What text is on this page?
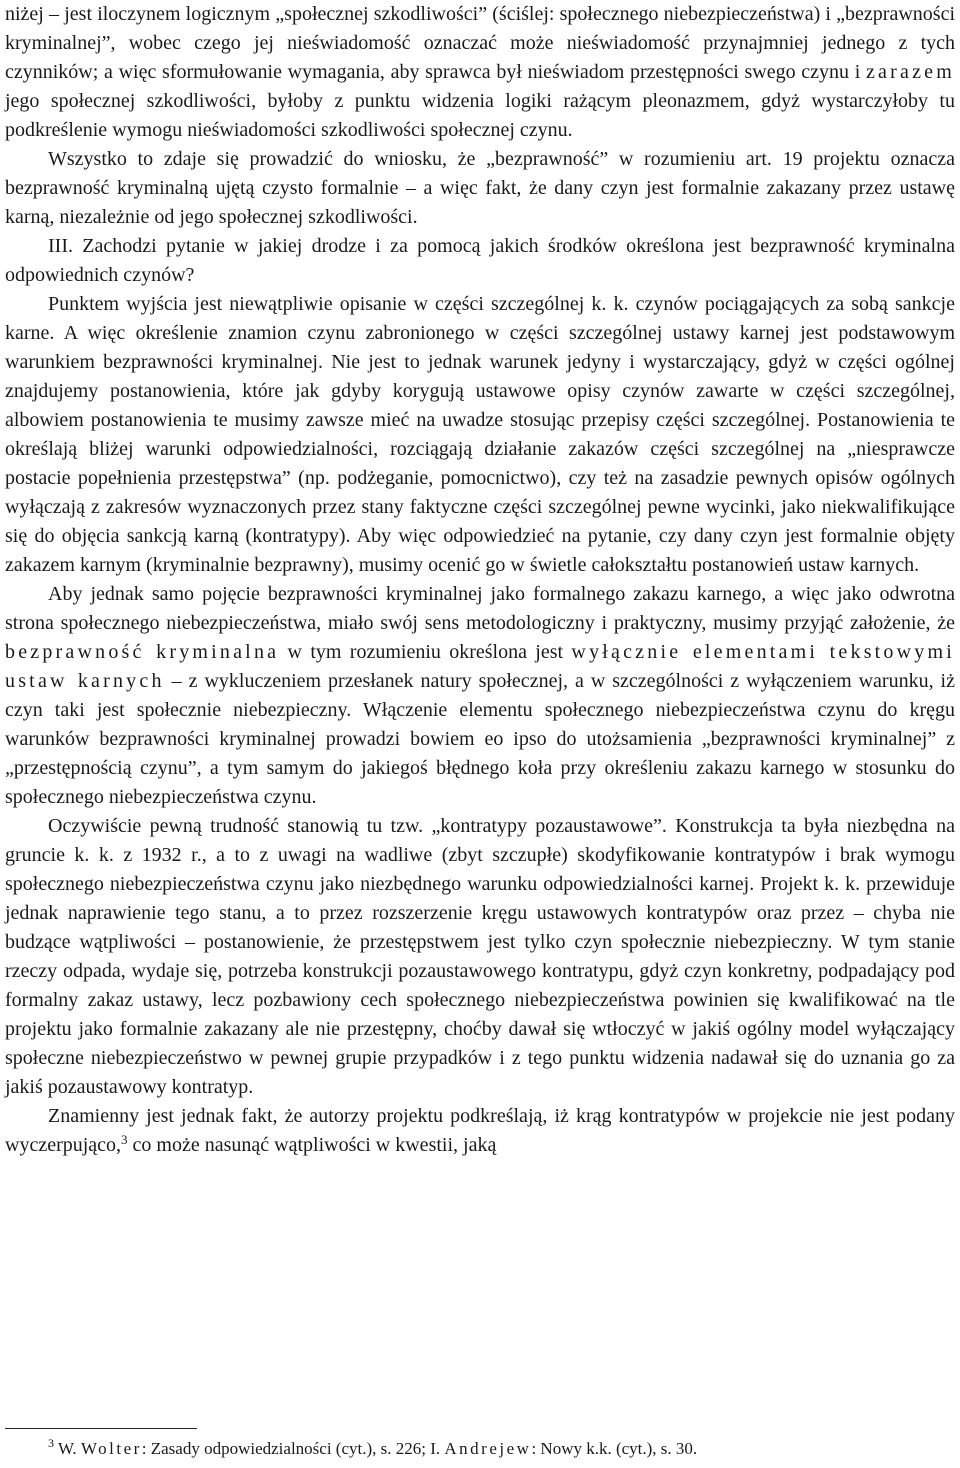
niżej – jest iloczynem logicznym „społecznej szkodliwości” (ściślej: społecznego niebezpieczeństwa) i „bezprawności kryminalnej”, wobec czego jej nieświadomość oznaczać może nieświadomość przynajmniej jednego z tych czynników; a więc sformułowanie wymagania, aby sprawca był nieświadom przestępności swego czynu i zarazem jego społecznej szkodliwości, byłoby z punktu widzenia logiki rażącym pleonazmem, gdyż wystarczyłoby tu podkreślenie wymogu nieświadomości szkodliwości społecznej czynu.

Wszystko to zdaje się prowadzić do wniosku, że „bezprawność” w rozumieniu art. 19 projektu oznacza bezprawność kryminalną ujętą czysto formalnie – a więc fakt, że dany czyn jest formalnie zakazany przez ustawę karną, niezależnie od jego społecznej szkodliwości.

III. Zachodzi pytanie w jakiej drodze i za pomocą jakich środków określona jest bezprawność kryminalna odpowiednich czynów?

Punktem wyjścia jest niewątpliwie opisanie w części szczególnej k. k. czynów pociągających za sobą sankcje karne. A więc określenie znamion czynu zabronionego w części szczególnej ustawy karnej jest podstawowym warunkiem bezprawności kryminalnej. Nie jest to jednak warunek jedyny i wystarczający, gdyż w części ogólnej znajdujemy postanowienia, które jak gdyby korygują ustawowe opisy czynów zawarte w części szczególnej, albowiem postanowienia te musimy zawsze mieć na uwadze stosując przepisy części szczególnej. Postanowienia te określają bliżej warunki odpowiedzialności, rozciągają działanie zakazów części szczególnej na „niesprawcze postacie popełnienia przestępstwa” (np. podżeganie, pomocnictwo), czy też na zasadzie pewnych opisów ogólnych wyłączają z zakresów wyznaczonych przez stany faktyczne części szczególnej pewne wycinki, jako niekwalifikujące się do objęcia sankcją karną (kontratypy). Aby więc odpowiedzieć na pytanie, czy dany czyn jest formalnie objęty zakazem karnym (kryminalnie bezprawny), musimy ocenić go w świetle całokształtu postanowień ustaw karnych.

Aby jednak samo pojęcie bezprawności kryminalnej jako formalnego zakazu karnego, a więc jako odwrotna strona społecznego niebezpieczeństwa, miało swój sens metodologiczny i praktyczny, musimy przyjąć założenie, że bezprawność kryminalna w tym rozumieniu określona jest wyłącznie elementami tekstowymi ustaw karnych – z wykluczeniem przesłanek natury społecznej, a w szczególności z wyłączeniem warunku, iż czyn taki jest społecznie niebezpieczny. Włączenie elementu społecznego niebezpieczeństwa czynu do kręgu warunków bezprawności kryminalnej prowadzi bowiem eo ipso do utożsamienia „bezprawności kryminalnej” z „przestępnością czynu”, a tym samym do jakiegoś błędnego koła przy określeniu zakazu karnego w stosunku do społecznego niebezpieczeństwa czynu.

Oczywiście pewną trudność stanowią tu tzw. „kontratypy pozaustawowe”. Konstrukcja ta była niezbędna na gruncie k. k. z 1932 r., a to z uwagi na wadliwe (zbyt szczupłe) skodyfikowanie kontratypów i brak wymogu społecznego niebezpieczeństwa czynu jako niezbędnego warunku odpowiedzialności karnej. Projekt k. k. przewiduje jednak naprawienie tego stanu, a to przez rozszerzenie kręgu ustawowych kontratypów oraz przez – chyba nie budzące wątpliwości – postanowienie, że przestępstwem jest tylko czyn społecznie niebezpieczny. W tym stanie rzeczy odpada, wydaje się, potrzeba konstrukcji pozaustawowego kontratypu, gdyż czyn konkretny, podpadający pod formalny zakaz ustawy, lecz pozbawiony cech społecznego niebezpieczeństwa powinien się kwalifikować na tle projektu jako formalnie zakazany ale nie przestępny, choćby dawał się wtłoczyć w jakiś ogólny model wyłączający społeczne niebezpieczeństwo w pewnej grupie przypadków i z tego punktu widzenia nadawał się do uznania go za jakiś pozaustawowy kontratyp.

Znamienny jest jednak fakt, że autorzy projektu podkreślają, iż krąg kontratypów w projekcie nie jest podany wyczerpująco,$^3$ co może nasunąć wątpliwości w kwestii, jaką

$^3$ W. Wolter: Zasady odpowiedzialności (cyt.), s. 226; I. Andrejew: Nowy k.k. (cyt.), s. 30.
